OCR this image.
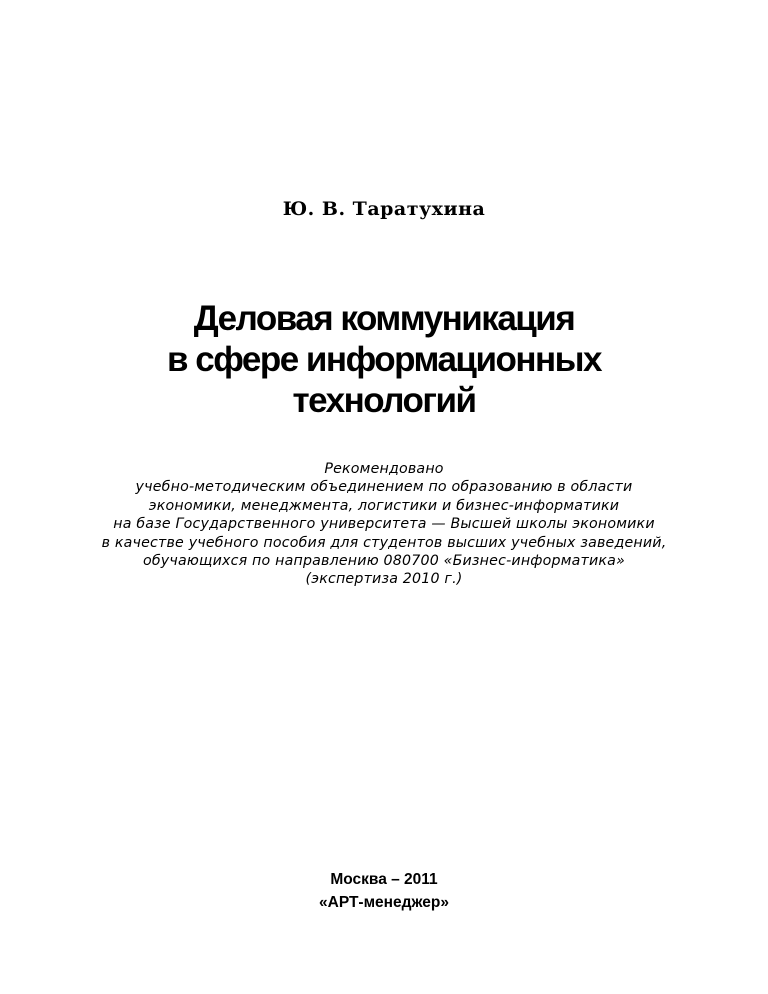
Ю. В. Таратухина
Деловая коммуникация
в сфере информационных
технологий
Рекомендовано
учебно-методическим объединением по образованию в области
экономики, менеджмента, логистики и бизнес-информатики
на базе Государственного университета — Высшей школы экономики
в качестве учебного пособия для студентов высших учебных заведений,
обучающихся по направлению 080700 «Бизнес-информатика»
(экспертиза 2010 г.)
Москва – 2011
«АРТ-менеджер»
